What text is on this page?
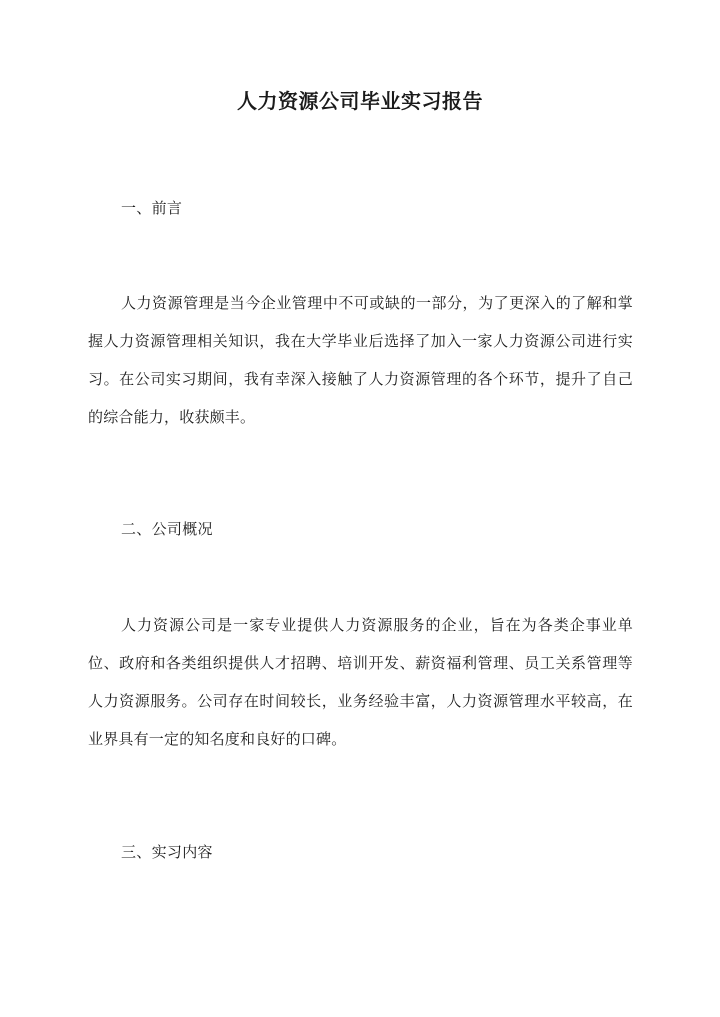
人力资源公司毕业实习报告
一、前言
人力资源管理是当今企业管理中不可或缺的一部分，为了更深入的了解和掌握人力资源管理相关知识，我在大学毕业后选择了加入一家人力资源公司进行实习。在公司实习期间，我有幸深入接触了人力资源管理的各个环节，提升了自己的综合能力，收获颇丰。
二、公司概况
人力资源公司是一家专业提供人力资源服务的企业，旨在为各类企事业单位、政府和各类组织提供人才招聘、培训开发、薪资福利管理、员工关系管理等人力资源服务。公司存在时间较长，业务经验丰富，人力资源管理水平较高，在业界具有一定的知名度和良好的口碑。
三、实习内容
